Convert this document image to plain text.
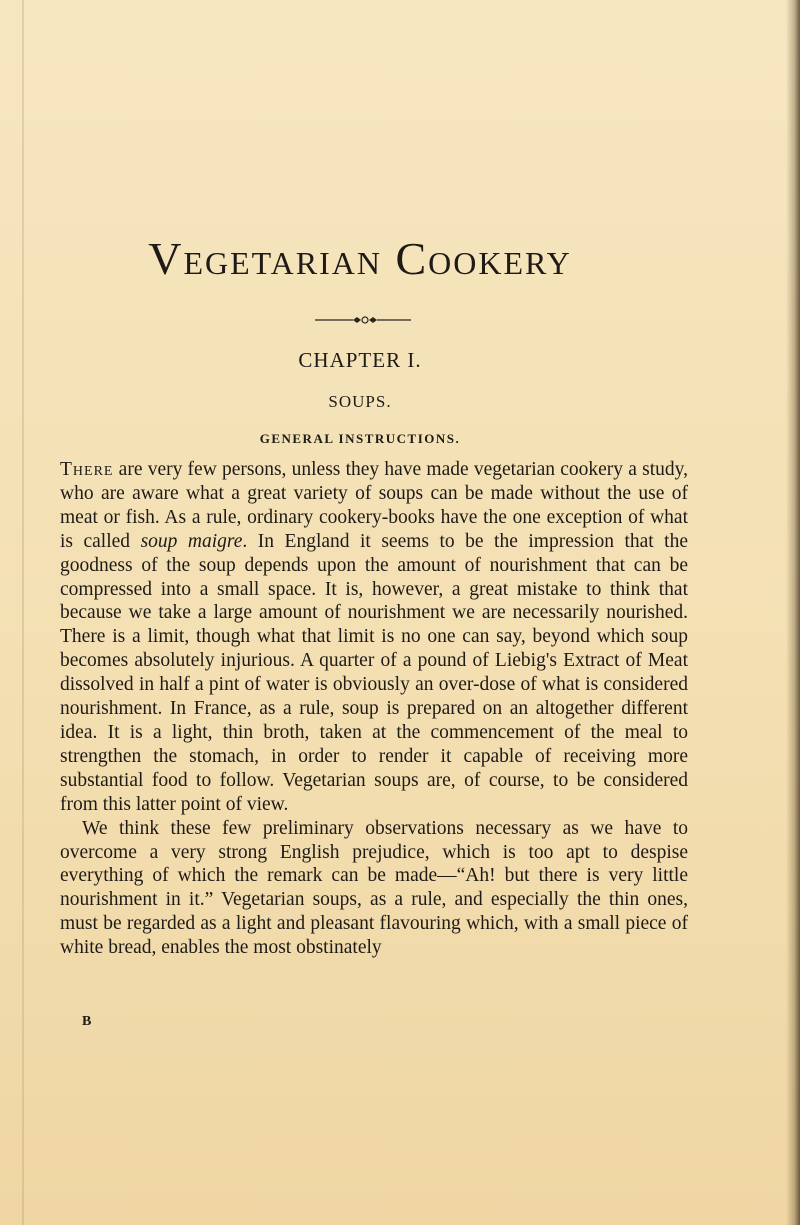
Vegetarian Cookery
CHAPTER I.
SOUPS.
GENERAL INSTRUCTIONS.

There are very few persons, unless they have made vegetarian cookery a study, who are aware what a great variety of soups can be made without the use of meat or fish. As a rule, ordinary cookery-books have the one exception of what is called soup maigre. In England it seems to be the impression that the goodness of the soup depends upon the amount of nourishment that can be compressed into a small space. It is, however, a great mistake to think that because we take a large amount of nourishment we are necessarily nourished. There is a limit, though what that limit is no one can say, beyond which soup becomes absolutely injurious. A quarter of a pound of Liebig's Extract of Meat dissolved in half a pint of water is obviously an over-dose of what is considered nourishment. In France, as a rule, soup is prepared on an altogether different idea. It is a light, thin broth, taken at the commencement of the meal to strengthen the stomach, in order to render it capable of receiving more substantial food to follow. Vegetarian soups are, of course, to be considered from this latter point of view.

We think these few preliminary observations necessary as we have to overcome a very strong English prejudice, which is too apt to despise everything of which the remark can be made—“Ah! but there is very little nourishment in it.” Vegetarian soups, as a rule, and especially the thin ones, must be regarded as a light and pleasant flavouring which, with a small piece of white bread, enables the most obstinately

B
